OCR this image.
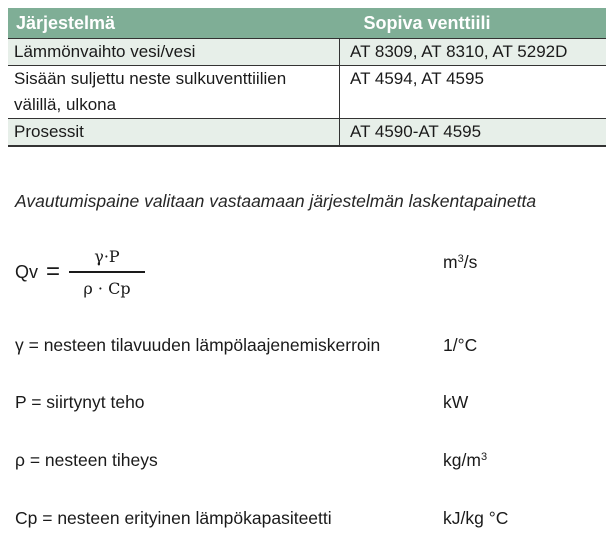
Järjestelmä	Sopiva venttiili
Lämmönvaihto vesi/vesi	AT 8309, AT 8310, AT 5292D
Sisään suljettu neste sulkuventtiilien
välillä, ulkona	AT 4594, AT 4595
Prosessit	AT 4590-AT 4595
Avautumispaine valitaan vastaamaan järjestelmän laskentapainetta
Qv =
γ·P
ρ · Cp
$m^3/s$
γ = nesteen tilavuuden lämpölaajenemiskerroin	1/°C
P = siirtynyt teho	kW
ρ = nesteen tiheys	$kg/m^3$
Cp = nesteen erityinen lämpökapasiteetti	kJ/kg °C
